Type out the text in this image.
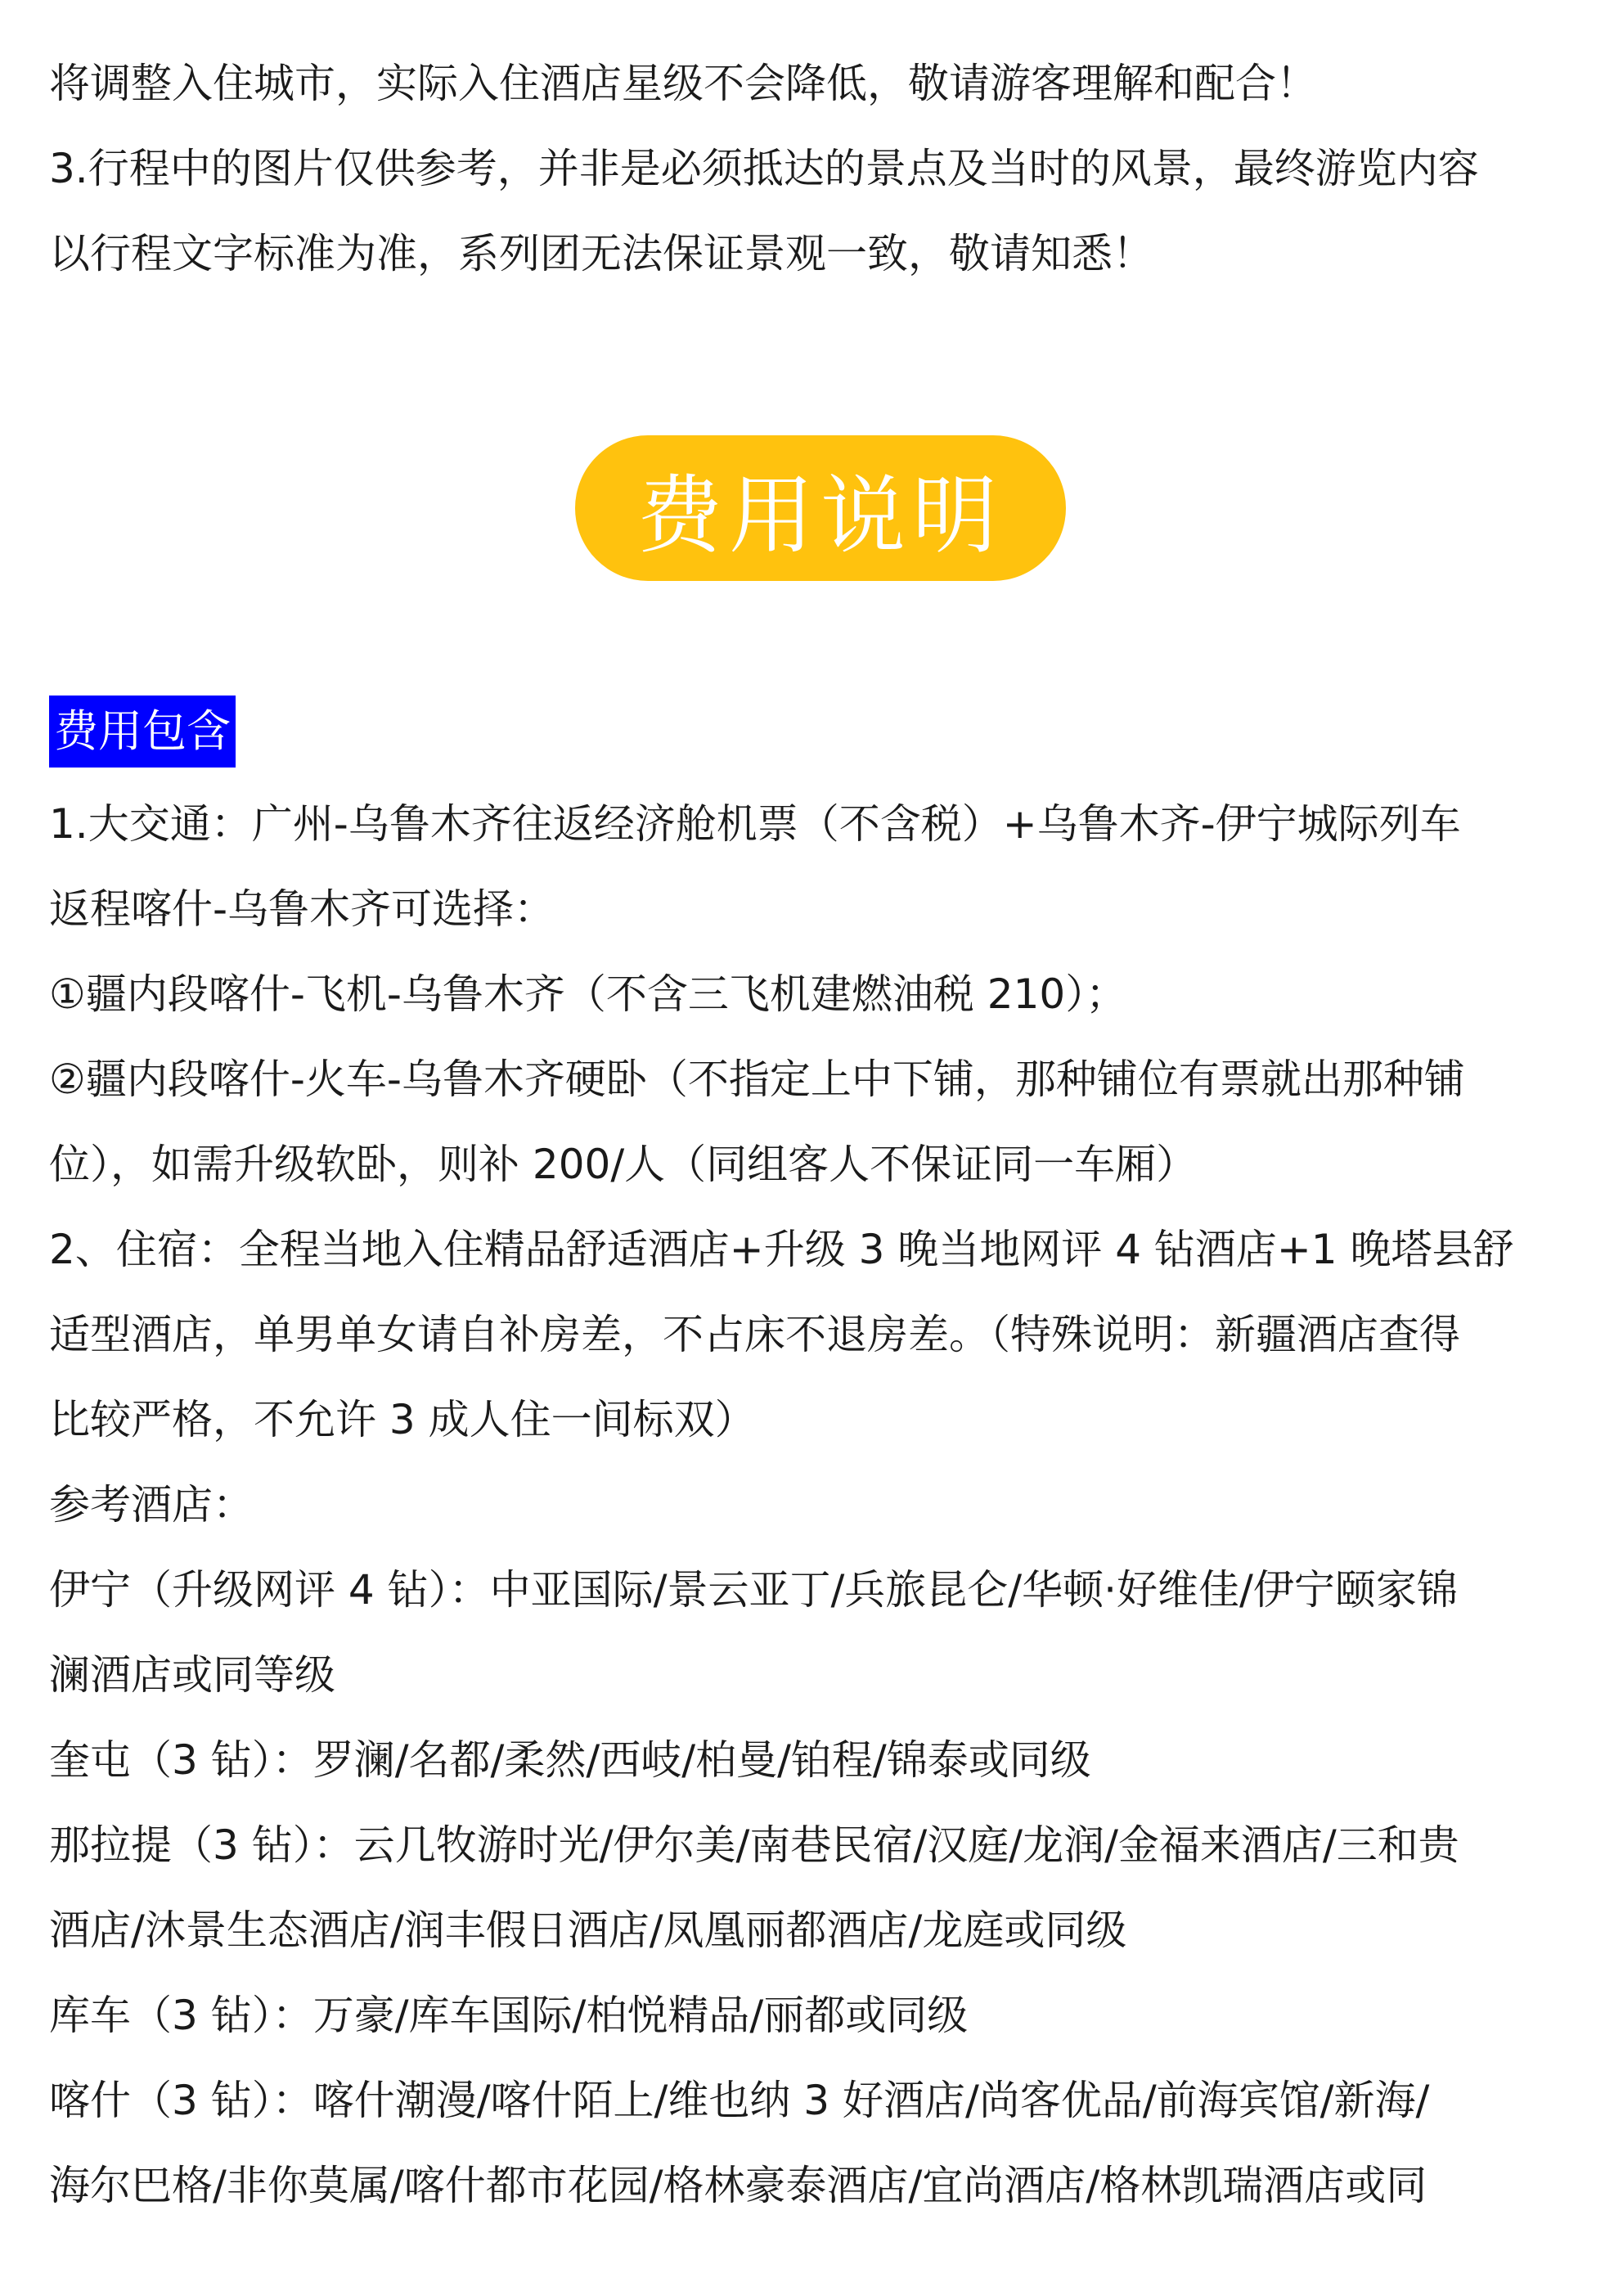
将调整入住城市，实际入住酒店星级不会降低，敬请游客理解和配合！
3.行程中的图片仅供参考，并非是必须抵达的景点及当时的风景，最终游览内容
以行程文字标准为准，系列团无法保证景观一致，敬请知悉！
费用说明
费用包含
1.大交通：广州-乌鲁木齐往返经济舱机票（不含税）+乌鲁木齐-伊宁城际列车
返程喀什-乌鲁木齐可选择：
①疆内段喀什-飞机-乌鲁木齐（不含三飞机建燃油税 210）；
②疆内段喀什-火车-乌鲁木齐硬卧（不指定上中下铺，那种铺位有票就出那种铺
位），如需升级软卧，则补 200/人（同组客人不保证同一车厢）
2、住宿：全程当地入住精品舒适酒店+升级 3 晚当地网评 4 钻酒店+1 晚塔县舒
适型酒店，单男单女请自补房差，不占床不退房差。（特殊说明：新疆酒店查得
比较严格，不允许 3 成人住一间标双）
参考酒店：
伊宁（升级网评 4 钻）：中亚国际/景云亚丁/兵旅昆仑/华顿·好维佳/伊宁颐家锦
澜酒店或同等级
奎屯（3 钻）：罗澜/名都/柔然/西岐/柏曼/铂程/锦泰或同级
那拉提（3 钻）：云几牧游时光/伊尔美/南巷民宿/汉庭/龙润/金福来酒店/三和贵
酒店/沐景生态酒店/润丰假日酒店/凤凰丽都酒店/龙庭或同级
库车（3 钻）：万豪/库车国际/柏悦精品/丽都或同级
喀什（3 钻）：喀什潮漫/喀什陌上/维也纳 3 好酒店/尚客优品/前海宾馆/新海/
海尔巴格/非你莫属/喀什都市花园/格林豪泰酒店/宜尚酒店/格林凯瑞酒店或同
